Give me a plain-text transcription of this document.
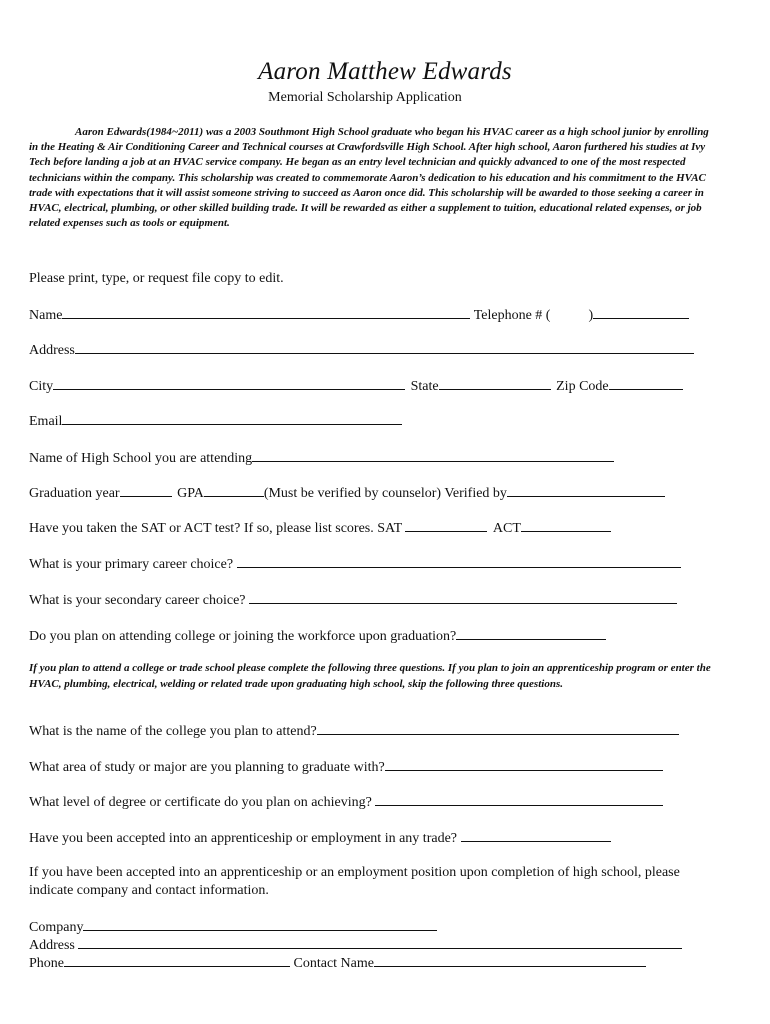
Aaron Matthew Edwards
Memorial Scholarship Application

Aaron Edwards(1984~2011) was a 2003 Southmont High School graduate who began his HVAC career as a high school junior by enrolling in the Heating & Air Conditioning Career and Technical courses at Crawfordsville High School. After high school, Aaron furthered his studies at Ivy Tech before landing a job at an HVAC service company. He began as an entry level technician and quickly advanced to one of the most respected technicians within the company. This scholarship was created to commemorate Aaron’s dedication to his education and his commitment to the HVAC trade with expectations that it will assist someone striving to succeed as Aaron once did. This scholarship will be awarded to those seeking a career in HVAC, electrical, plumbing, or other skilled building trade. It will be rewarded as either a supplement to tuition, educational related expenses, or job related expenses such as tools or equipment.

Please print, type, or request file copy to edit.
Name	Telephone # (	)
Address
City	State	Zip Code
Email
Name of High School you are attending
Graduation year	GPA	(Must be verified by counselor) Verified by
Have you taken the SAT or ACT test? If so, please list scores. SAT	ACT
What is your primary career choice?
What is your secondary career choice?
Do you plan on attending college or joining the workforce upon graduation?

If you plan to attend a college or trade school please complete the following three questions. If you plan to join an apprenticeship program or enter the HVAC, plumbing, electrical, welding or related trade upon graduating high school, skip the following three questions.

What is the name of the college you plan to attend?
What area of study or major are you planning to graduate with?
What level of degree or certificate do you plan on achieving?
Have you been accepted into an apprenticeship or employment in any trade?

If you have been accepted into an apprenticeship or an employment position upon completion of high school, please indicate company and contact information.

Company
Address
Phone	Contact Name
